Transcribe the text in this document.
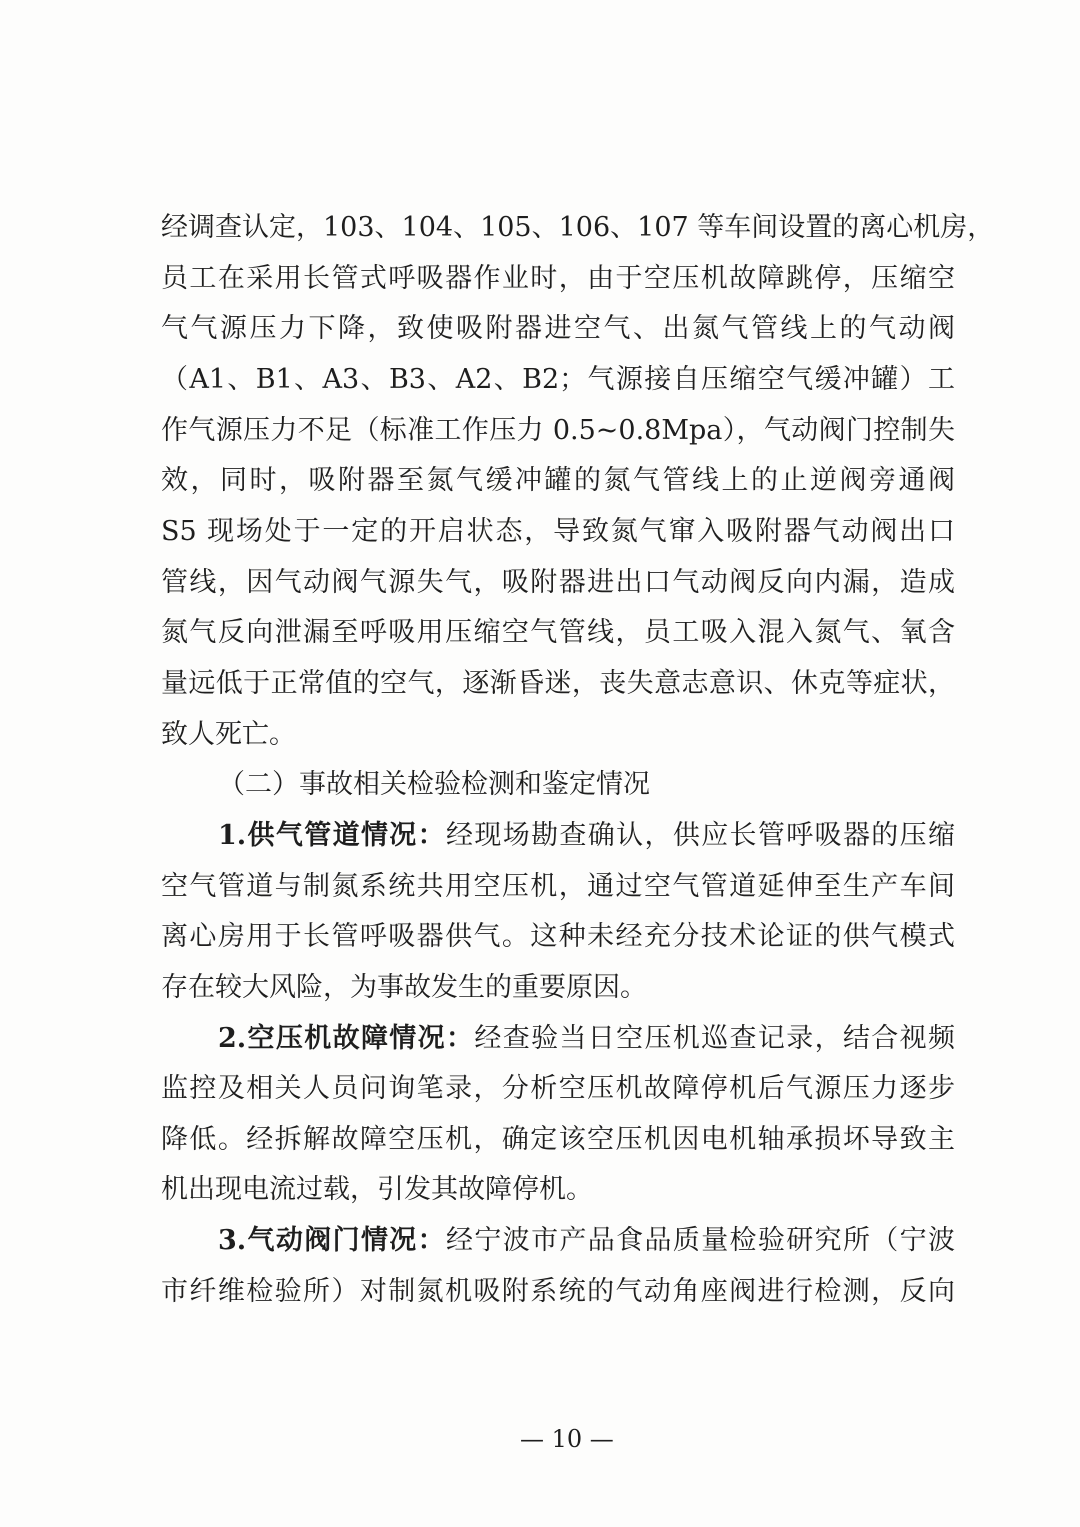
经调查认定，103、104、105、106、107 等车间设置的离心机房，
员工在采用长管式呼吸器作业时，由于空压机故障跳停，压缩空
气气源压力下降，致使吸附器进空气、出氮气管线上的气动阀
（A1、B1、A3、B3、A2、B2；气源接自压缩空气缓冲罐）工
作气源压力不足（标准工作压力 0.5~0.8Mpa），气动阀门控制失
效，同时，吸附器至氮气缓冲罐的氮气管线上的止逆阀旁通阀
S5 现场处于一定的开启状态，导致氮气窜入吸附器气动阀出口
管线，因气动阀气源失气，吸附器进出口气动阀反向内漏，造成
氮气反向泄漏至呼吸用压缩空气管线，员工吸入混入氮气、氧含
量远低于正常值的空气，逐渐昏迷，丧失意志意识、休克等症状，
致人死亡。
（二）事故相关检验检测和鉴定情况
1.供气管道情况：经现场勘查确认，供应长管呼吸器的压缩
空气管道与制氮系统共用空压机，通过空气管道延伸至生产车间
离心房用于长管呼吸器供气。这种未经充分技术论证的供气模式
存在较大风险，为事故发生的重要原因。
2.空压机故障情况：经查验当日空压机巡查记录，结合视频
监控及相关人员问询笔录，分析空压机故障停机后气源压力逐步
降低。经拆解故障空压机，确定该空压机因电机轴承损坏导致主
机出现电流过载，引发其故障停机。
3.气动阀门情况：经宁波市产品食品质量检验研究所（宁波
市纤维检验所）对制氮机吸附系统的气动角座阀进行检测，反向
— 10 —
